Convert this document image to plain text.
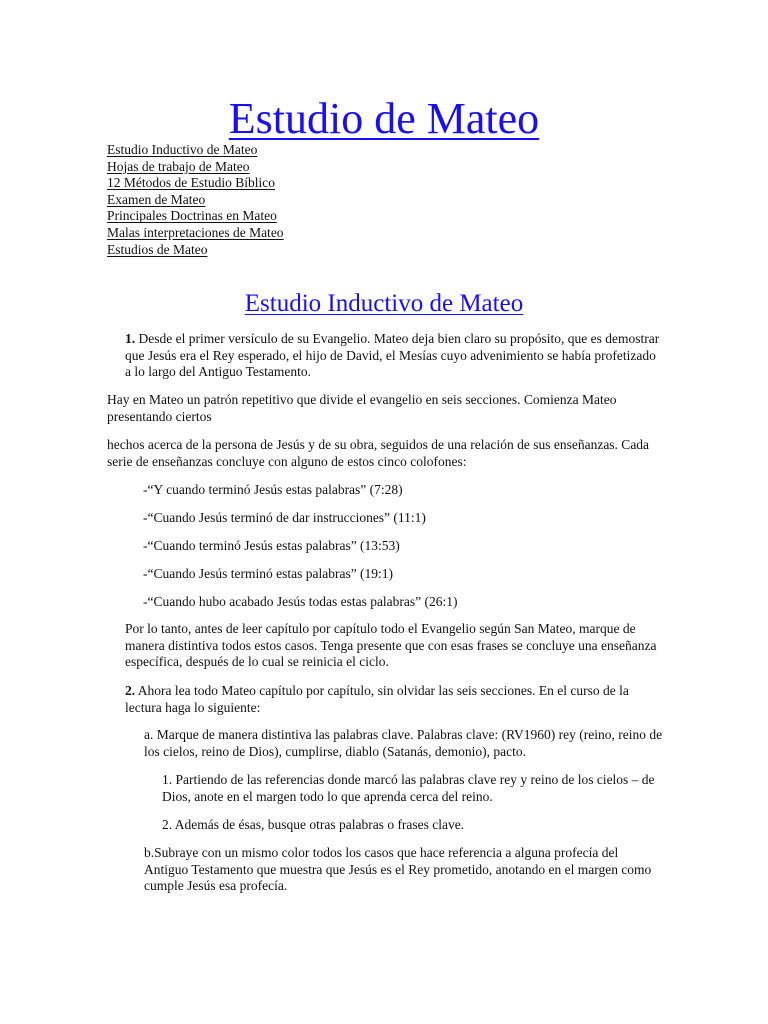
Estudio de Mateo
Estudio Inductivo de Mateo
Hojas de trabajo de Mateo
12 Métodos de Estudio Bíblico
Examen de Mateo
Principales Doctrinas en Mateo
Malas interpretaciones de Mateo
Estudios de Mateo
Estudio Inductivo de Mateo

1. Desde el primer versículo de su Evangelio. Mateo deja bien claro su propósito, que es demostrar que Jesús era el Rey esperado, el hijo de David, el Mesías cuyo advenimiento se había profetizado a lo largo del Antiguo Testamento.

Hay en Mateo un patrón repetitivo que divide el evangelio en seis secciones. Comienza Mateo presentando ciertos

hechos acerca de la persona de Jesús y de su obra, seguidos de una relación de sus enseñanzas. Cada serie de enseñanzas concluye con alguno de estos cinco colofones:

-“Y cuando terminó Jesús estas palabras” (7:28)

-“Cuando Jesús terminó de dar instrucciones” (11:1)

-“Cuando terminó Jesús estas palabras” (13:53)

-“Cuando Jesús terminó estas palabras” (19:1)

-“Cuando hubo acabado Jesús todas estas palabras” (26:1)

Por lo tanto, antes de leer capítulo por capítulo todo el Evangelio según San Mateo, marque de manera distintiva todos estos casos. Tenga presente que con esas frases se concluye una enseñanza específica, después de lo cual se reinicia el ciclo.

2. Ahora lea todo Mateo capítulo por capítulo, sin olvidar las seis secciones. En el curso de la lectura haga lo siguiente:

a. Marque de manera distintiva las palabras clave. Palabras clave: (RV1960) rey (reino, reino de los cielos, reino de Dios), cumplirse, diablo (Satanás, demonio), pacto.

1. Partiendo de las referencias donde marcó las palabras clave rey y reino de los cielos – de Dios, anote en el margen todo lo que aprenda cerca del reino.

2. Además de ésas, busque otras palabras o frases clave.

b.Subraye con un mismo color todos los casos que hace referencia a alguna profecía del Antiguo Testamento que muestra que Jesús es el Rey prometido, anotando en el margen como cumple Jesús esa profecía.
